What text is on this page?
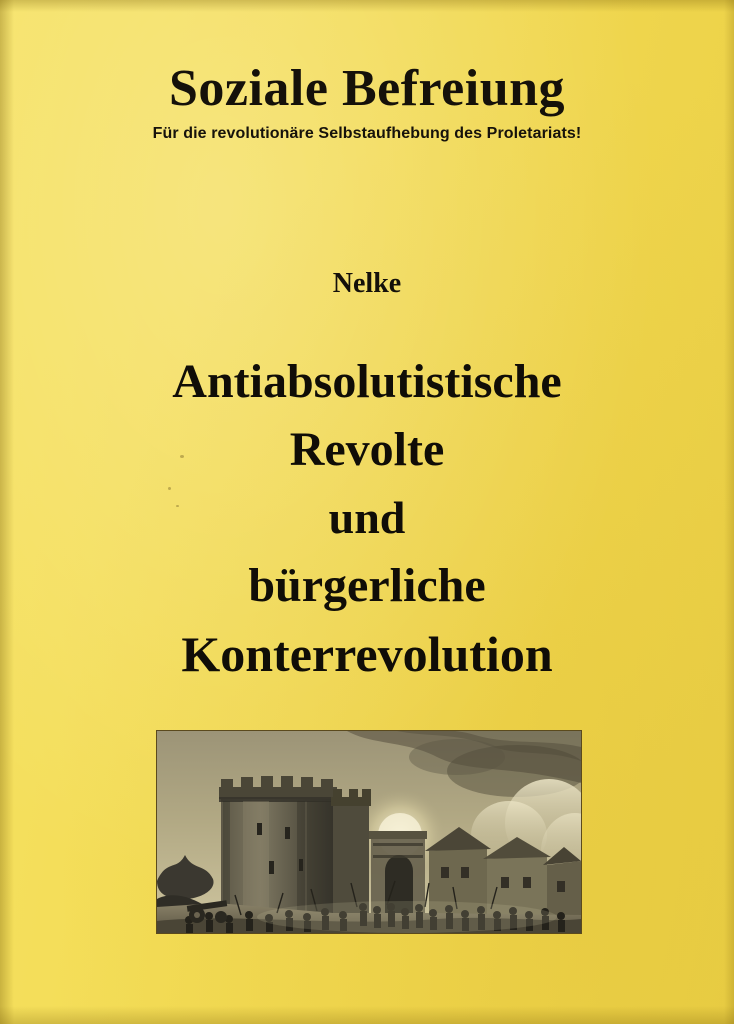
Soziale Befreiung
Für die revolutionäre Selbstaufhebung des Proletariats!
Nelke
Antiabsolutistische
Revolte
und
bürgerliche
Konterrevolution
